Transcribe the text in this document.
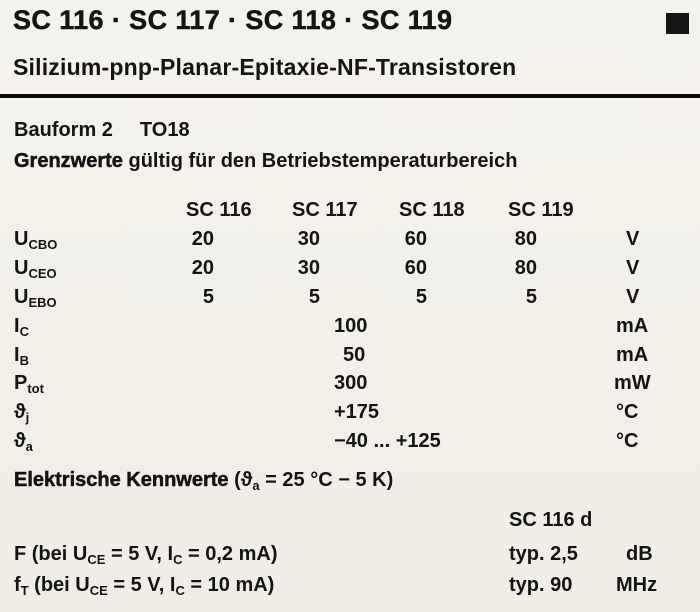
SC 116 · SC 117 · SC 118 · SC 119
Silizium-pnp-Planar-Epitaxie-NF-Transistoren
Bauform 2 TO18
Grenzwerte gültig für den Betriebstemperaturbereich
SC 116 SC 117 SC 118 SC 119
$U_{CBO}$	20	30	60	80	V
$U_{CEO}$	20	30	60	80	V
$U_{EBO}$	5	5	5	5	V
$I_C$	100	mA
$I_B$	50	mA
$P_{tot}$	300	mW
$ϑ_j$	+175	°C
$ϑ_a$	−40 ... +125	°C
Elektrische Kennwerte ($ϑ_a = 25$ °C − 5 K)
SC 116 d
F (bei $U_{CE} = 5$ V, $I_C = 0,2$ mA)	typ. 2,5 dB
$f_T$ (bei $U_{CE} = 5$ V, $I_C = 10$ mA)	typ. 90 MHz
